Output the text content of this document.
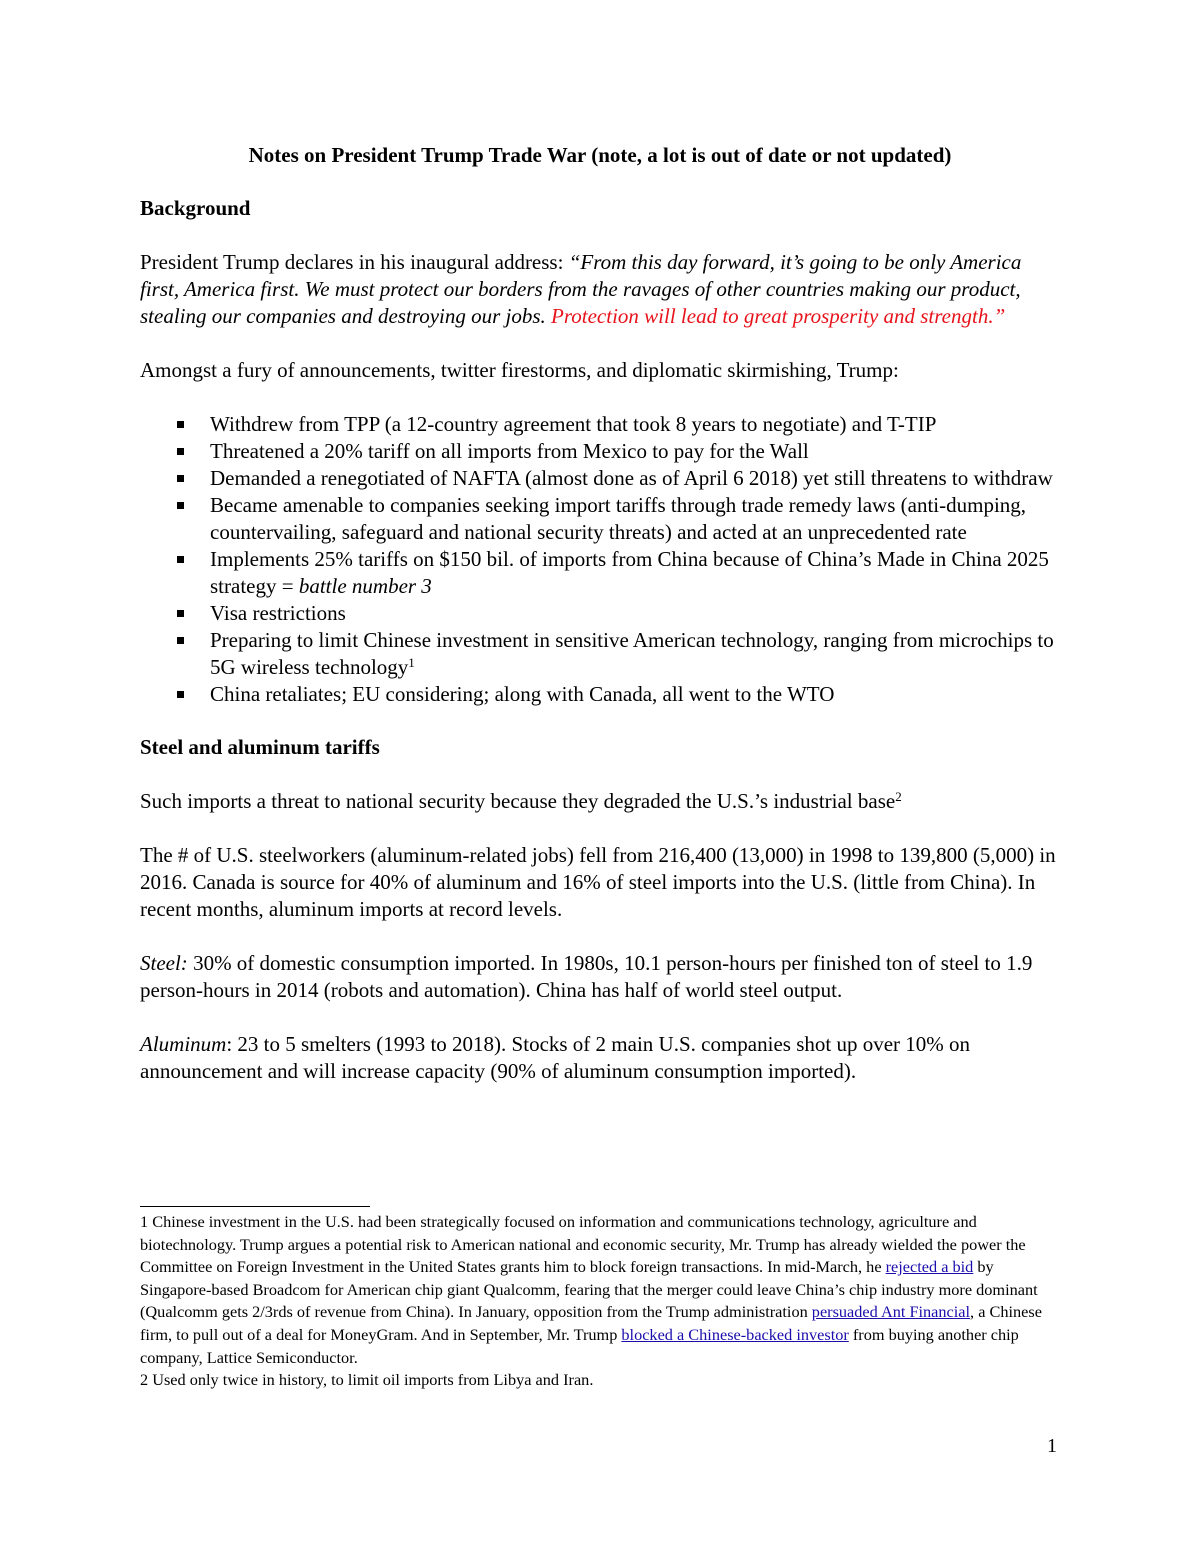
Notes on President Trump Trade War (note, a lot is out of date or not updated)
Background

President Trump declares in his inaugural address: “From this day forward, it’s going to be only America first, America first. We must protect our borders from the ravages of other countries making our product, stealing our companies and destroying our jobs. Protection will lead to great prosperity and strength.”

Amongst a fury of announcements, twitter firestorms, and diplomatic skirmishing, Trump:

Withdrew from TPP (a 12-country agreement that took 8 years to negotiate) and T-TIP
Threatened a 20% tariff on all imports from Mexico to pay for the Wall
Demanded a renegotiated of NAFTA (almost done as of April 6 2018) yet still threatens to withdraw
Became amenable to companies seeking import tariffs through trade remedy laws (anti-dumping, countervailing, safeguard and national security threats) and acted at an unprecedented rate
Implements 25% tariffs on $150 bil. of imports from China because of China’s Made in China 2025 strategy = battle number 3
Visa restrictions
Preparing to limit Chinese investment in sensitive American technology, ranging from microchips to 5G wireless technology$^1$
China retaliates; EU considering; along with Canada, all went to the WTO
Steel and aluminum tariffs

Such imports a threat to national security because they degraded the U.S.’s industrial base$^2$

The # of U.S. steelworkers (aluminum-related jobs) fell from 216,400 (13,000) in 1998 to 139,800 (5,000) in 2016. Canada is source for 40% of aluminum and 16% of steel imports into the U.S. (little from China). In recent months, aluminum imports at record levels.

Steel: 30% of domestic consumption imported. In 1980s, 10.1 person-hours per finished ton of steel to 1.9 person-hours in 2014 (robots and automation). China has half of world steel output.

Aluminum: 23 to 5 smelters (1993 to 2018). Stocks of 2 main U.S. companies shot up over 10% on announcement and will increase capacity (90% of aluminum consumption imported).

1 Chinese investment in the U.S. had been strategically focused on information and communications technology, agriculture and biotechnology. Trump argues a potential risk to American national and economic security, Mr. Trump has already wielded the power the Committee on Foreign Investment in the United States grants him to block foreign transactions. In mid-March, he rejected a bid by Singapore-based Broadcom for American chip giant Qualcomm, fearing that the merger could leave China’s chip industry more dominant (Qualcomm gets 2/3rds of revenue from China). In January, opposition from the Trump administration persuaded Ant Financial, a Chinese firm, to pull out of a deal for MoneyGram. And in September, Mr. Trump blocked a Chinese-backed investor from buying another chip company, Lattice Semiconductor.

2 Used only twice in history, to limit oil imports from Libya and Iran.

1
